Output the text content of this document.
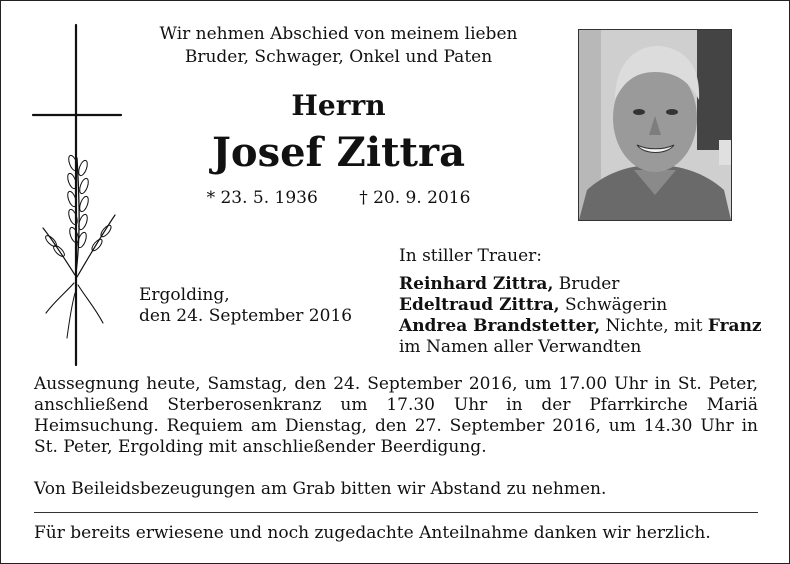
Wir nehmen Abschied von meinem lieben
Bruder, Schwager, Onkel und Paten
Herrn
Josef Zittra
* 23. 5. 1936 † 20. 9. 2016
Ergolding,
den 24. September 2016
In stiller Trauer:
Reinhard Zittra, Bruder
Edeltraud Zittra, Schwägerin
Andrea Brandstetter, Nichte, mit Franz
im Namen aller Verwandten
Aussegnung heute, Samstag, den 24. September 2016, um 17.00 Uhr in St. Peter, anschließend Sterberosenkranz um 17.30 Uhr in der Pfarrkirche Mariä Heimsuchung. Requiem am Dienstag, den 27. September 2016, um 14.30 Uhr in St. Peter, Ergolding mit anschließender Beerdigung.
Von Beileidsbezeugungen am Grab bitten wir Abstand zu nehmen.
Für bereits erwiesene und noch zugedachte Anteilnahme danken wir herzlich.
